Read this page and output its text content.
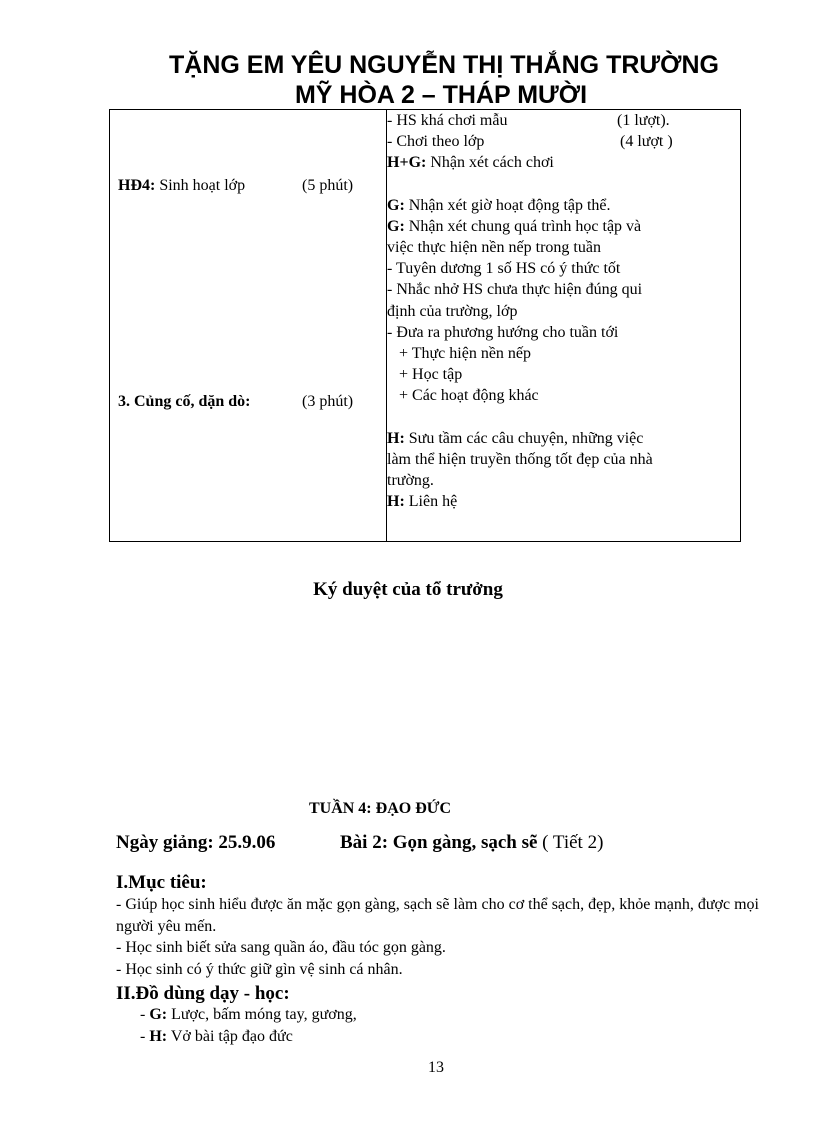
TẶNG EM YÊU NGUYỄN THỊ THẮNG TRƯỜNG
MỸ HÒA 2 – THÁP MƯỜI
HĐ4: Sinh hoạt lớp	(5 phút)
3. Củng cố, dặn dò:	(3 phút)

- HS khá chơi mẫu	(1 lượt).
- Chơi theo lớp	(4 lượt )
H+G: Nhận xét cách chơi
G: Nhận xét giờ hoạt động tập thể.
G: Nhận xét chung quá trình học tập và
việc thực hiện nền nếp trong tuần
- Tuyên dương 1 số HS có ý thức tốt
- Nhắc nhở HS chưa thực hiện đúng qui
định của trường, lớp
- Đưa ra phương hướng cho tuần tới
+ Thực hiện nền nếp
+ Học tập
+ Các hoạt động khác
H: Sưu tầm các câu chuyện, những việc
làm thể hiện truyền thống tốt đẹp của nhà
trường.
H: Liên hệ
Ký duyệt của tổ trưởng
TUẦN 4: ĐẠO ĐỨC
Ngày giảng: 25.9.06	Bài 2: Gọn gàng, sạch sẽ ( Tiết 2)
I.Mục tiêu:
- Giúp học sinh hiểu được ăn mặc gọn gàng, sạch sẽ làm cho cơ thể sạch, đẹp, khỏe mạnh, được mọi người yêu mến.
- Học sinh biết sửa sang quần áo, đầu tóc gọn gàng.
- Học sinh có ý thức giữ gìn vệ sinh cá nhân.
II.Đồ dùng dạy - học:
- G: Lược, bấm móng tay, gương,
- H: Vở bài tập đạo đức
13
